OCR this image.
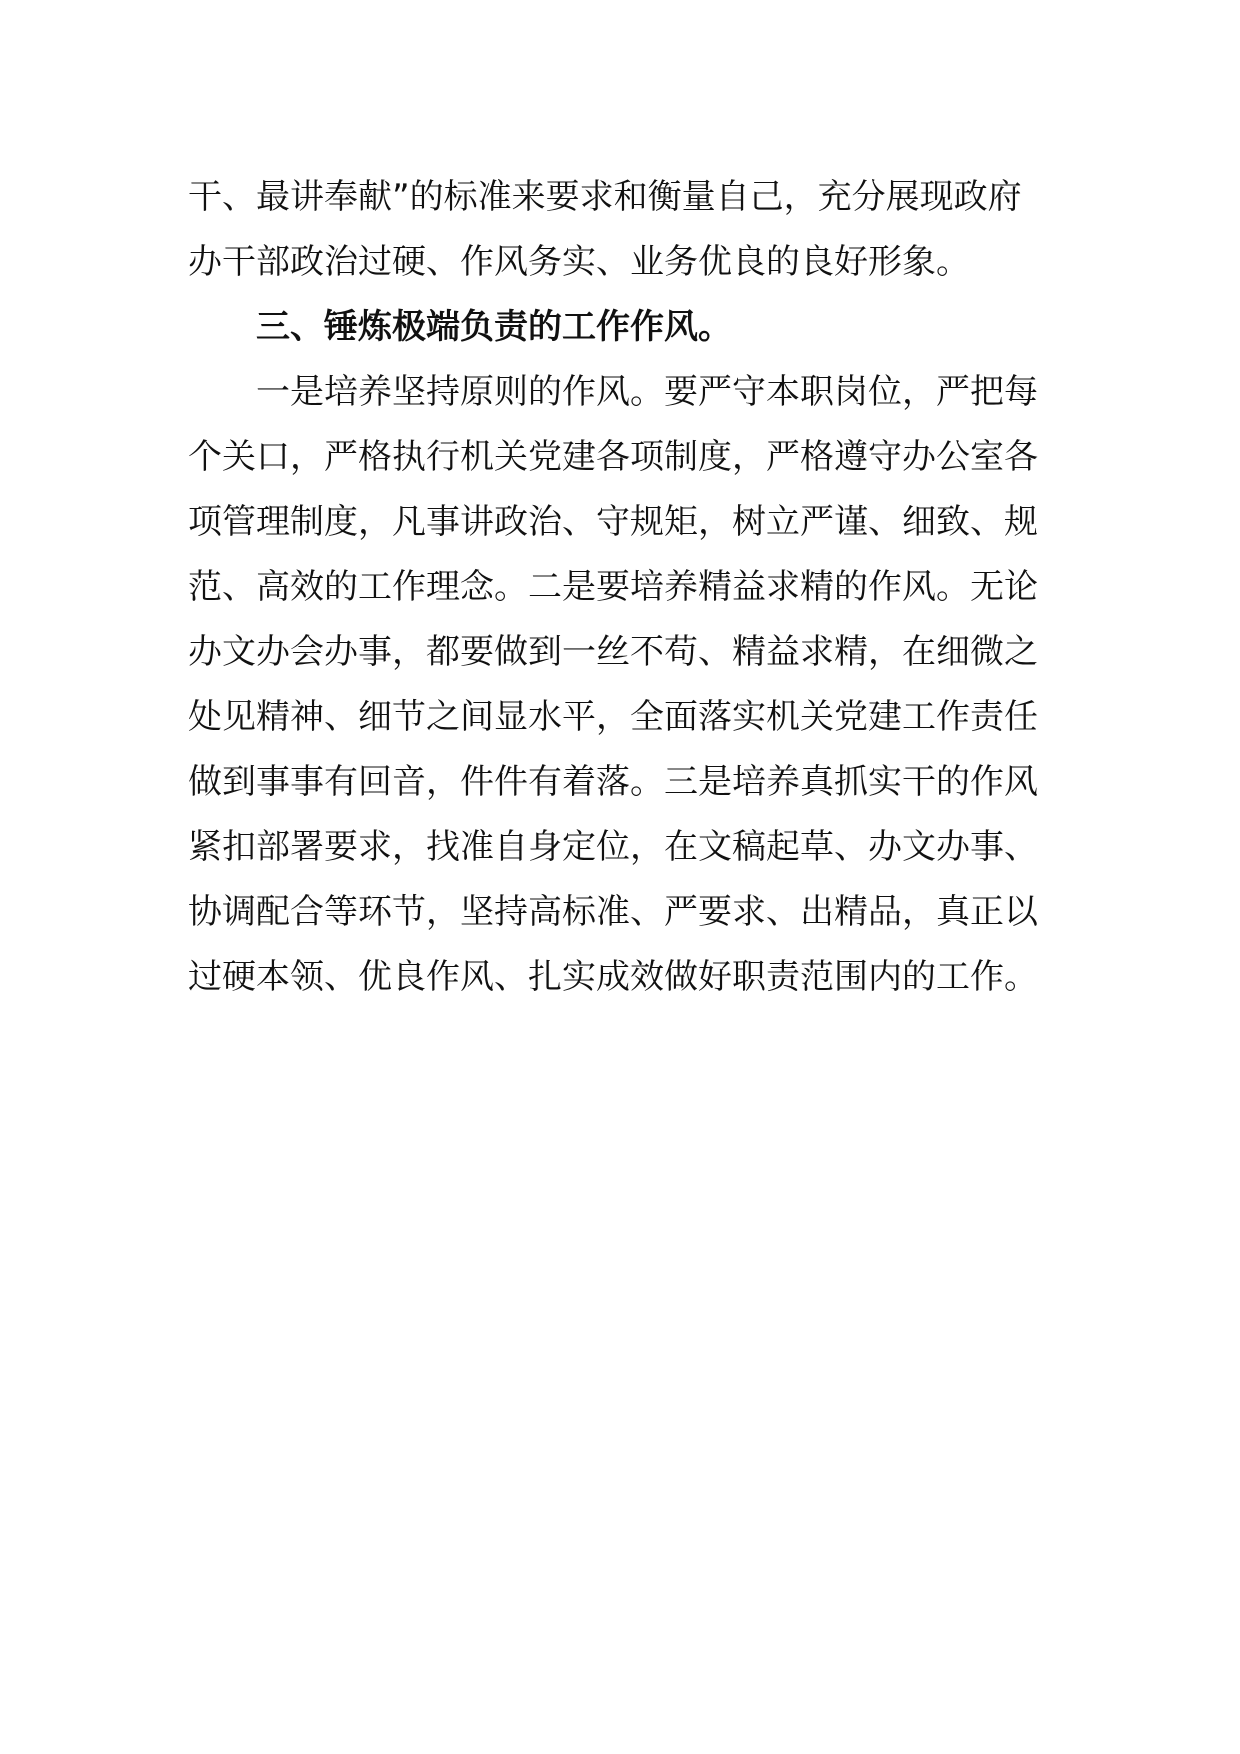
干、最讲奉献”的标准来要求和衡量自己，充分展现政府
办干部政治过硬、作风务实、业务优良的良好形象。
三、锤炼极端负责的工作作风。
一是培养坚持原则的作风。要严守本职岗位，严把每
个关口，严格执行机关党建各项制度，严格遵守办公室各
项管理制度，凡事讲政治、守规矩，树立严谨、细致、规
范、高效的工作理念。二是要培养精益求精的作风。无论
办文办会办事，都要做到一丝不苟、精益求精，在细微之
处见精神、细节之间显水平，全面落实机关党建工作责任
做到事事有回音，件件有着落。三是培养真抓实干的作风
紧扣部署要求，找准自身定位，在文稿起草、办文办事、
协调配合等环节，坚持高标准、严要求、出精品，真正以
过硬本领、优良作风、扎实成效做好职责范围内的工作。
